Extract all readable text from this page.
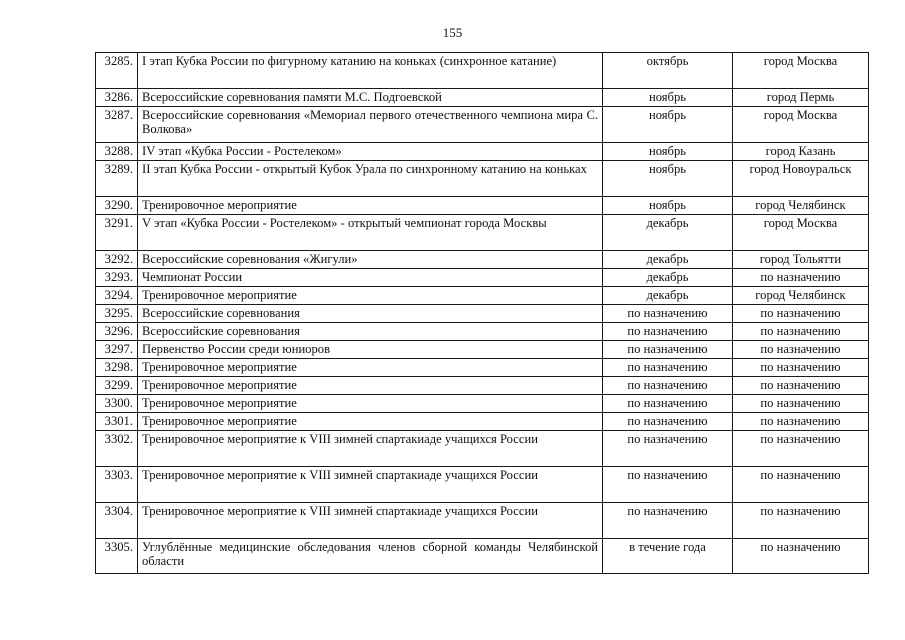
155
3285.	I этап Кубка России по фигурному катанию на коньках (синхронное катание)	октябрь	город Москва
3286.	Всероссийские соревнования памяти М.С. Подгоевской	ноябрь	город Пермь
3287.	Всероссийские соревнования «Мемориал первого отечественного чемпиона мира С. Волкова»	ноябрь	город Москва
3288.	IV этап «Кубка России - Ростелеком»	ноябрь	город Казань
3289.	II этап Кубка России - открытый Кубок Урала по синхронному катанию на коньках	ноябрь	город Новоуральск
3290.	Тренировочное мероприятие	ноябрь	город Челябинск
3291.	V этап «Кубка России - Ростелеком» - открытый чемпионат города Москвы	декабрь	город Москва
3292.	Всероссийские соревнования «Жигули»	декабрь	город Тольятти
3293.	Чемпионат России	декабрь	по назначению
3294.	Тренировочное мероприятие	декабрь	город Челябинск
3295.	Всероссийские соревнования	по назначению	по назначению
3296.	Всероссийские соревнования	по назначению	по назначению
3297.	Первенство России среди юниоров	по назначению	по назначению
3298.	Тренировочное мероприятие	по назначению	по назначению
3299.	Тренировочное мероприятие	по назначению	по назначению
3300.	Тренировочное мероприятие	по назначению	по назначению
3301.	Тренировочное мероприятие	по назначению	по назначению
3302.	Тренировочное мероприятие к VIII зимней спартакиаде учащихся России	по назначению	по назначению
3303.	Тренировочное мероприятие к VIII зимней спартакиаде учащихся России	по назначению	по назначению
3304.	Тренировочное мероприятие к VIII зимней спартакиаде учащихся России	по назначению	по назначению
3305.	Углублённые медицинские обследования членов сборной команды Челябинской области	в течение года	по назначению
